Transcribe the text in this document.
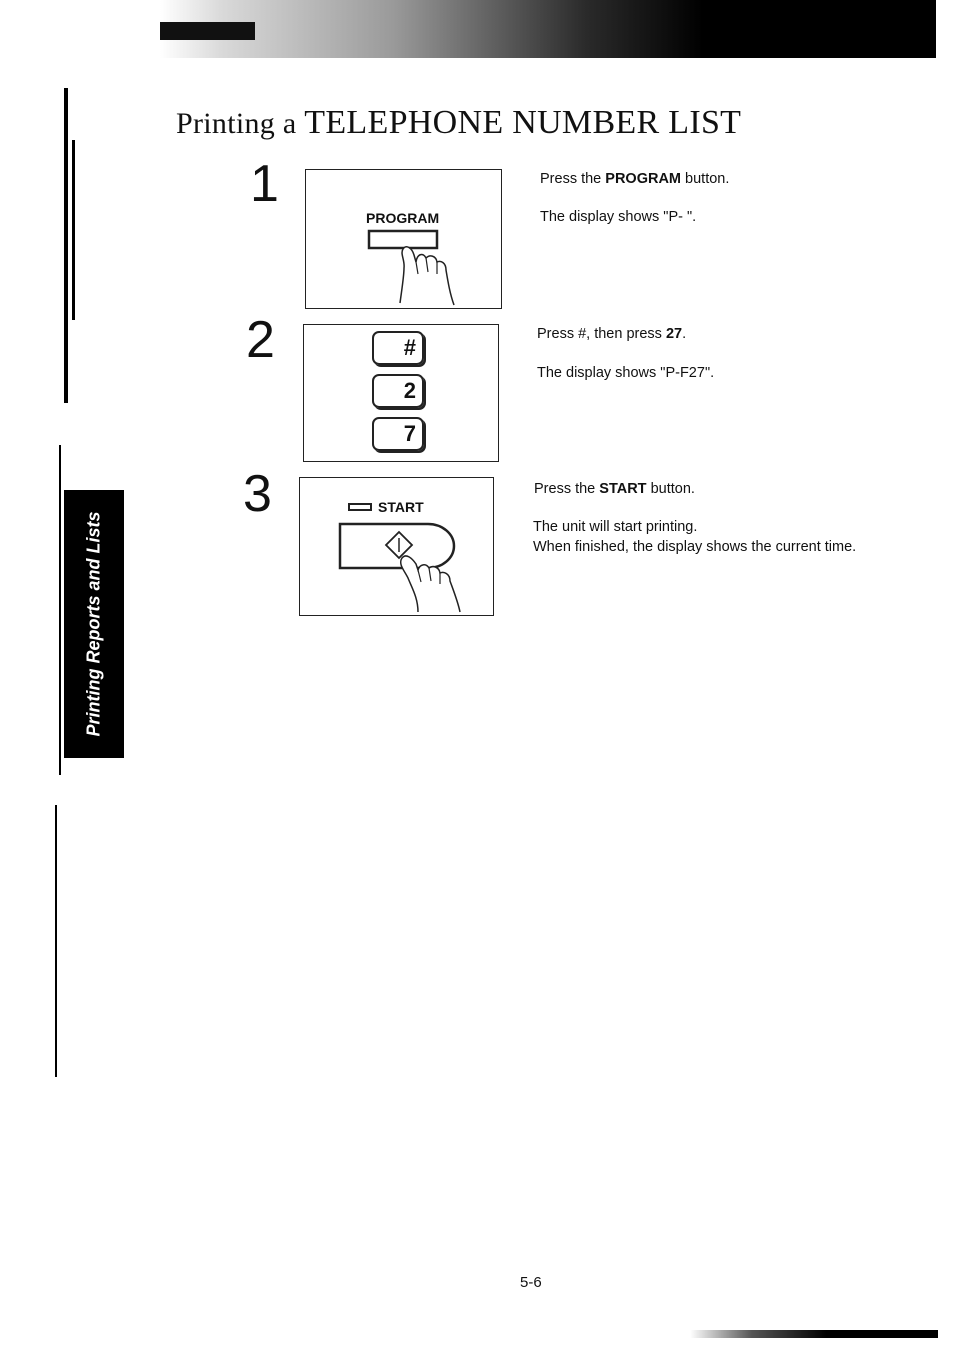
Printing Reports and Lists
Printing a TELEPHONE NUMBER LIST
1
PROGRAM
Press the PROGRAM button.
The display shows "P- ".
2	#
2
7
Press #, then press 27.
The display shows "P-F27".
3	START
Press the START button.
The unit will start printing.
When finished, the display shows the current time.
5-6
